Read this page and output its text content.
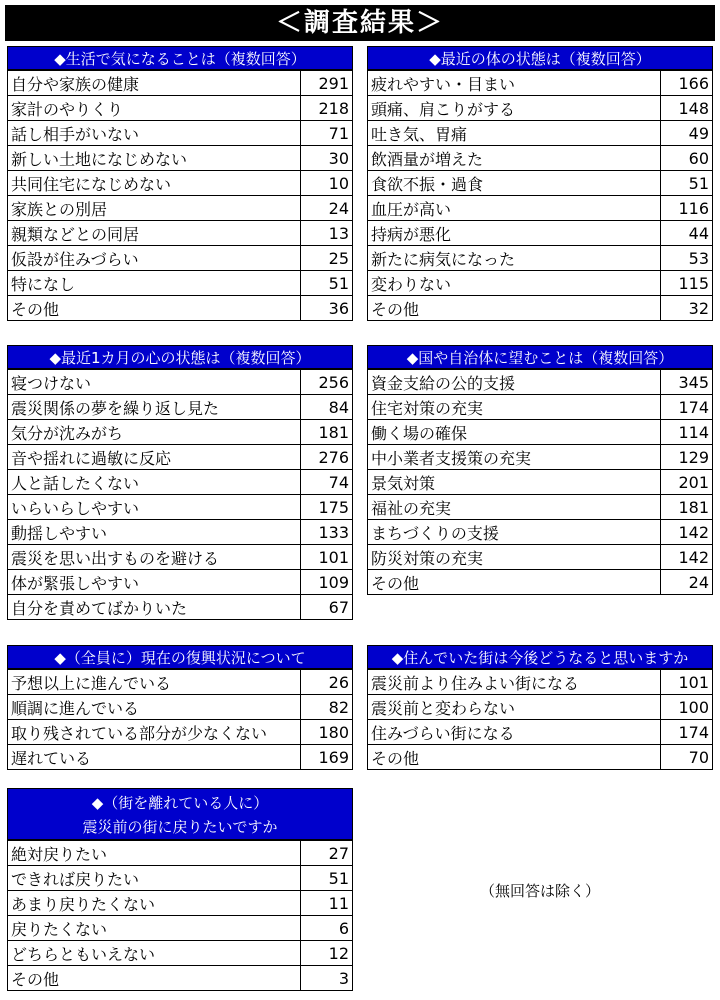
＜調査結果＞
◆生活で気になることは（複数回答）
自分や家族の健康	291
家計のやりくり	218
話し相手がいない	71
新しい土地になじめない	30
共同住宅になじめない	10
家族との別居	24
親類などとの同居	13
仮設が住みづらい	25
特になし	51
その他	36
◆最近の体の状態は（複数回答）
疲れやすい・目まい	166
頭痛、肩こりがする	148
吐き気、胃痛	49
飲酒量が増えた	60
食欲不振・過食	51
血圧が高い	116
持病が悪化	44
新たに病気になった	53
変わりない	115
その他	32
◆最近1カ月の心の状態は（複数回答）
寝つけない	256
震災関係の夢を繰り返し見た	84
気分が沈みがち	181
音や揺れに過敏に反応	276
人と話したくない	74
いらいらしやすい	175
動揺しやすい	133
震災を思い出すものを避ける	101
体が緊張しやすい	109
自分を責めてばかりいた	67
◆国や自治体に望むことは（複数回答）
資金支給の公的支援	345
住宅対策の充実	174
働く場の確保	114
中小業者支援策の充実	129
景気対策	201
福祉の充実	181
まちづくりの支援	142
防災対策の充実	142
その他	24
◆（全員に）現在の復興状況について
予想以上に進んでいる	26
順調に進んでいる	82
取り残されている部分が少なくない	180
遅れている	169
◆住んでいた街は今後どうなると思いますか
震災前より住みよい街になる	101
震災前と変わらない	100
住みづらい街になる	174
その他	70
◆（街を離れている人に）
震災前の街に戻りたいですか
絶対戻りたい	27
できれば戻りたい	51
あまり戻りたくない	11
戻りたくない	6
どちらともいえない	12
その他	3
（無回答は除く）
